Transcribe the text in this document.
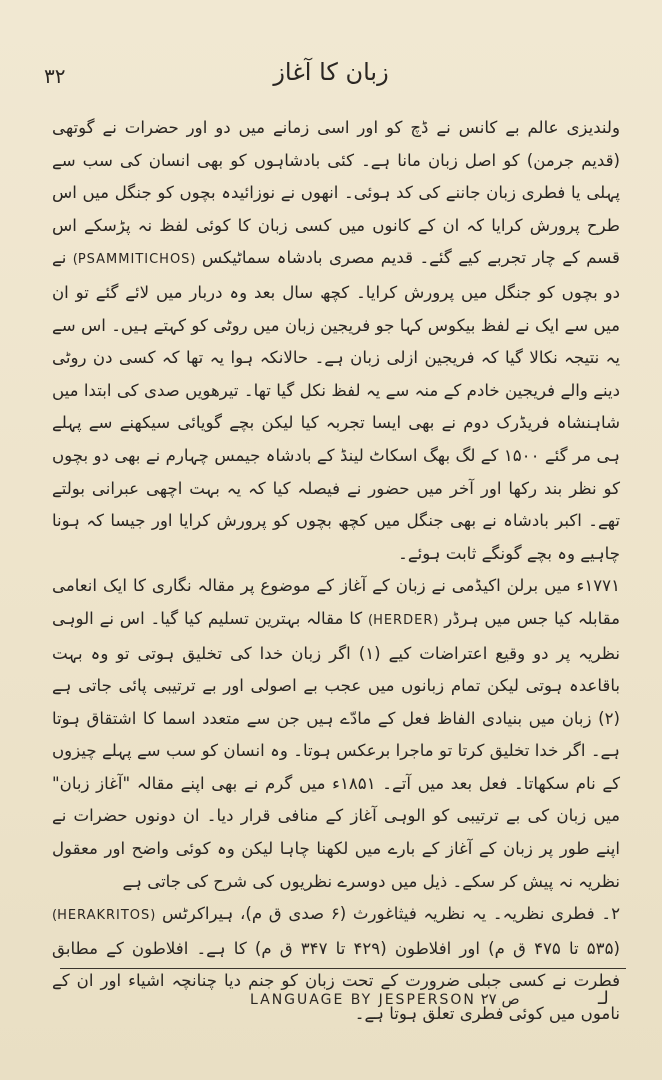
۳۲	زبان کا آغاز

ولندیزی عالم بے کانس نے ڈچ کو اور اسی زمانے میں دو اور حضرات نے گوتھی (قدیم جرمن) کو اصل زبان مانا ہے۔ کئی بادشاہوں کو بھی انسان کی سب سے پہلی یا فطری زبان جاننے کی کد ہوئی۔ انھوں نے نوزائیدہ بچوں کو جنگل میں اس طرح پرورش کرایا کہ ان کے کانوں میں کسی زبان کا کوئی لفظ نہ پڑسکے اس قسم کے چار تجربے کیے گئے۔ قدیم مصری بادشاہ سماٹیکس (PSAMMITICHOS) نے دو بچوں کو جنگل میں پرورش کرایا۔ کچھ سال بعد وہ دربار میں لائے گئے تو ان میں سے ایک نے لفظ بیکوس کہا جو فریجین زبان میں روٹی کو کہتے ہیں۔ اس سے یہ نتیجہ نکالا گیا کہ فریجین ازلی زبان ہے۔ حالانکہ ہوا یہ تھا کہ کسی دن روٹی دینے والے فریجین خادم کے منہ سے یہ لفظ نکل گیا تھا۔ تیرھویں صدی کی ابتدا میں شاہنشاہ فریڈرک دوم نے بھی ایسا تجربہ کیا لیکن بچے گویائی سیکھنے سے پہلے ہی مر گئے ۱۵۰۰ کے لگ بھگ اسکاٹ لینڈ کے بادشاہ جیمس چہارم نے بھی دو بچوں کو نظر بند رکھا اور آخر میں حضور نے فیصلہ کیا کہ یہ بہت اچھی عبرانی بولتے تھے۔ اکبر بادشاہ نے بھی جنگل میں کچھ بچوں کو پرورش کرایا اور جیسا کہ ہونا چاہیے وہ بچے گونگے ثابت ہوئے۔

۱۷۷۱ء میں برلن اکیڈمی نے زبان کے آغاز کے موضوع پر مقالہ نگاری کا ایک انعامی مقابلہ کیا جس میں ہرڈر (HERDER) کا مقالہ بہترین تسلیم کیا گیا۔ اس نے الوہی نظریہ پر دو وقیع اعتراضات کیے (۱) اگر زبان خدا کی تخلیق ہوتی تو وہ بہت باقاعدہ ہوتی لیکن تمام زبانوں میں عجب بے اصولی اور بے ترتیبی پائی جاتی ہے (۲) زبان میں بنیادی الفاظ فعل کے مادّے ہیں جن سے متعدد اسما کا اشتقاق ہوتا ہے۔ اگر خدا تخلیق کرتا تو ماجرا برعکس ہوتا۔ وہ انسان کو سب سے پہلے چیزوں کے نام سکھاتا۔ فعل بعد میں آتے۔ ۱۸۵۱ء میں گرم نے بھی اپنے مقالہ "آغاز زبان" میں زبان کی بے ترتیبی کو الوہی آغاز کے منافی قرار دیا۔ ان دونوں حضرات نے اپنے طور پر زبان کے آغاز کے بارے میں لکھنا چاہا لیکن وہ کوئی واضح اور معقول نظریہ نہ پیش کر سکے۔ ذیل میں دوسرے نظریوں کی شرح کی جاتی ہے

۲۔ فطری نظریہ۔ یہ نظریہ فیثاغورث (۶ صدی ق م)، ہیراکرٹس (HERAKRITOS) (۵۳۵ تا ۴۷۵ ق م) اور افلاطون (۴۲۹ تا ۳۴۷ ق م) کا ہے۔ افلاطون کے مطابق فطرت نے کسی جبلی ضرورت کے تحت زبان کو جنم دیا چنانچہ اشیاء اور ان کے ناموں میں کوئی فطری تعلق ہوتا ہے۔

لـ
ص ۲۷ LANGUAGE BY JESPERSON
